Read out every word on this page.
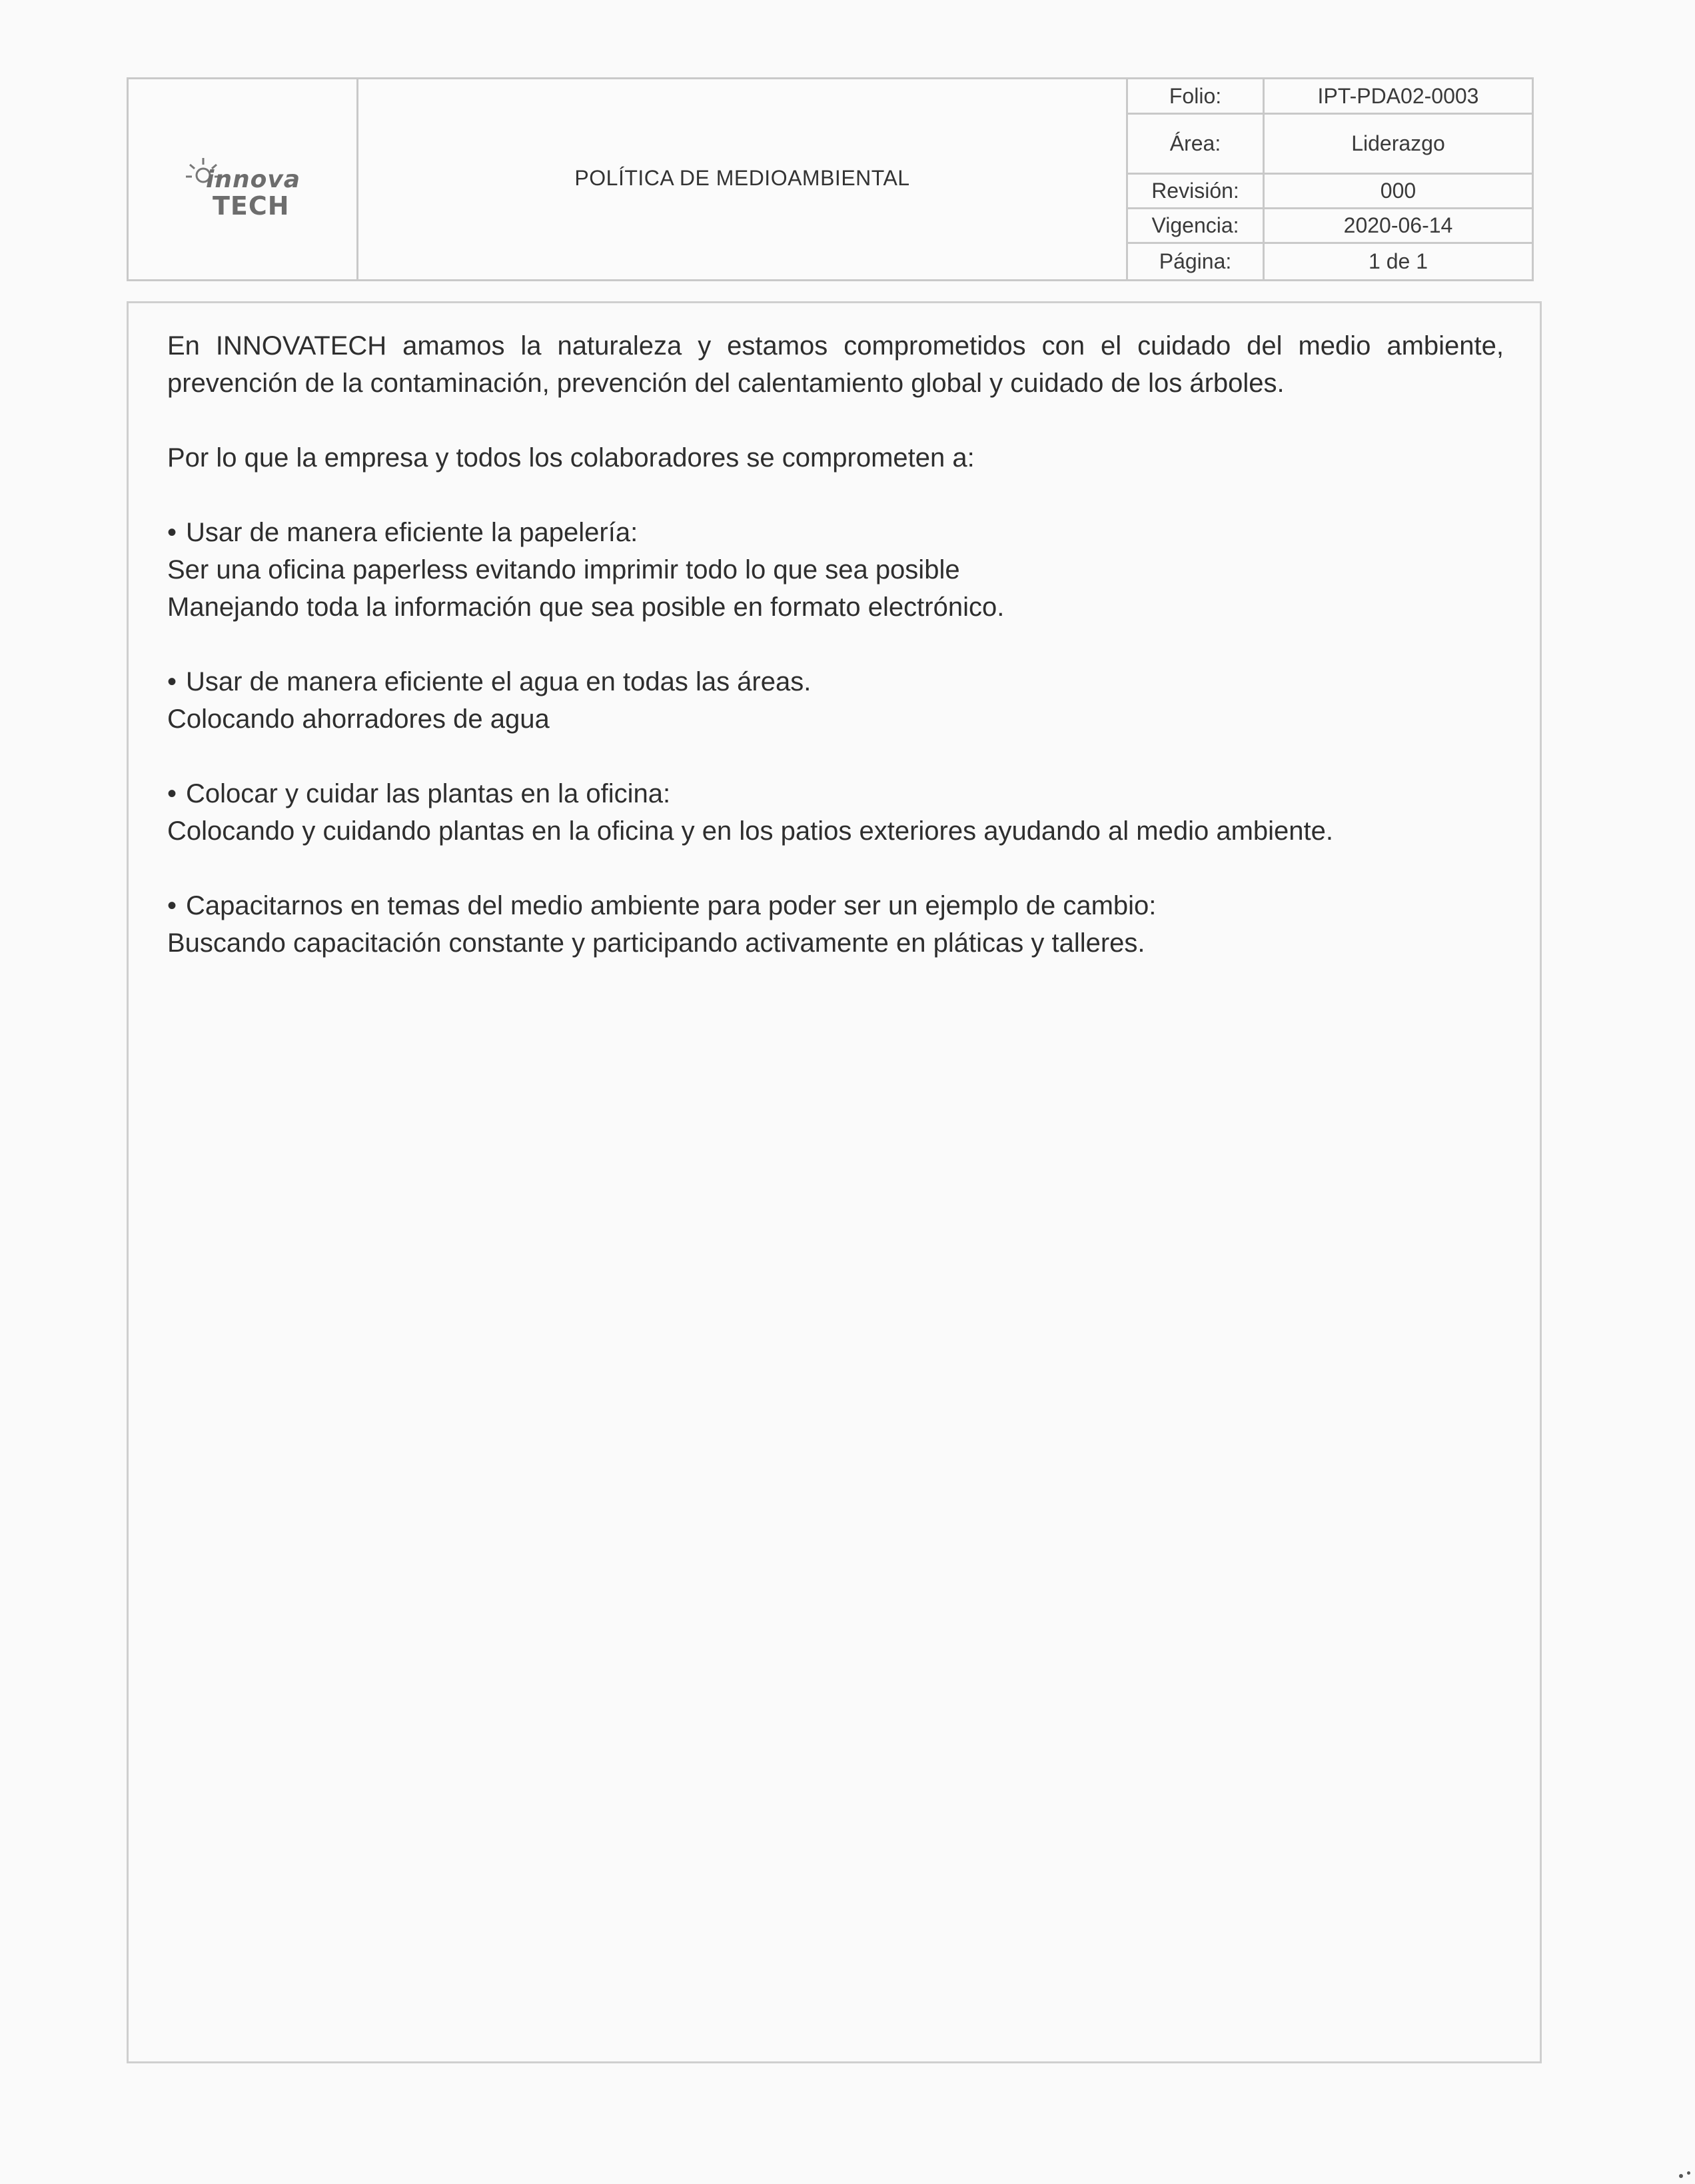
innova
TECH
POLÍTICA DE MEDIOAMBIENTAL
Folio:	IPT-PDA02-0003
Área:	Liderazgo
Revisión:	000
Vigencia:	2020-06-14
Página:	1 de 1

En INNOVATECH amamos la naturaleza y estamos comprometidos con el cuidado del medio ambiente, prevención de la contaminación, prevención del calentamiento global y cuidado de los árboles.

Por lo que la empresa y todos los colaboradores se comprometen a:

• Usar de manera eficiente la papelería:

Ser una oficina paperless evitando imprimir todo lo que sea posible

Manejando toda la información que sea posible en formato electrónico.

• Usar de manera eficiente el agua en todas las áreas.

Colocando ahorradores de agua

• Colocar y cuidar las plantas en la oficina:

Colocando y cuidando plantas en la oficina y en los patios exteriores ayudando al medio ambiente.

• Capacitarnos en temas del medio ambiente para poder ser un ejemplo de cambio:

Buscando capacitación constante y participando activamente en pláticas y talleres.
